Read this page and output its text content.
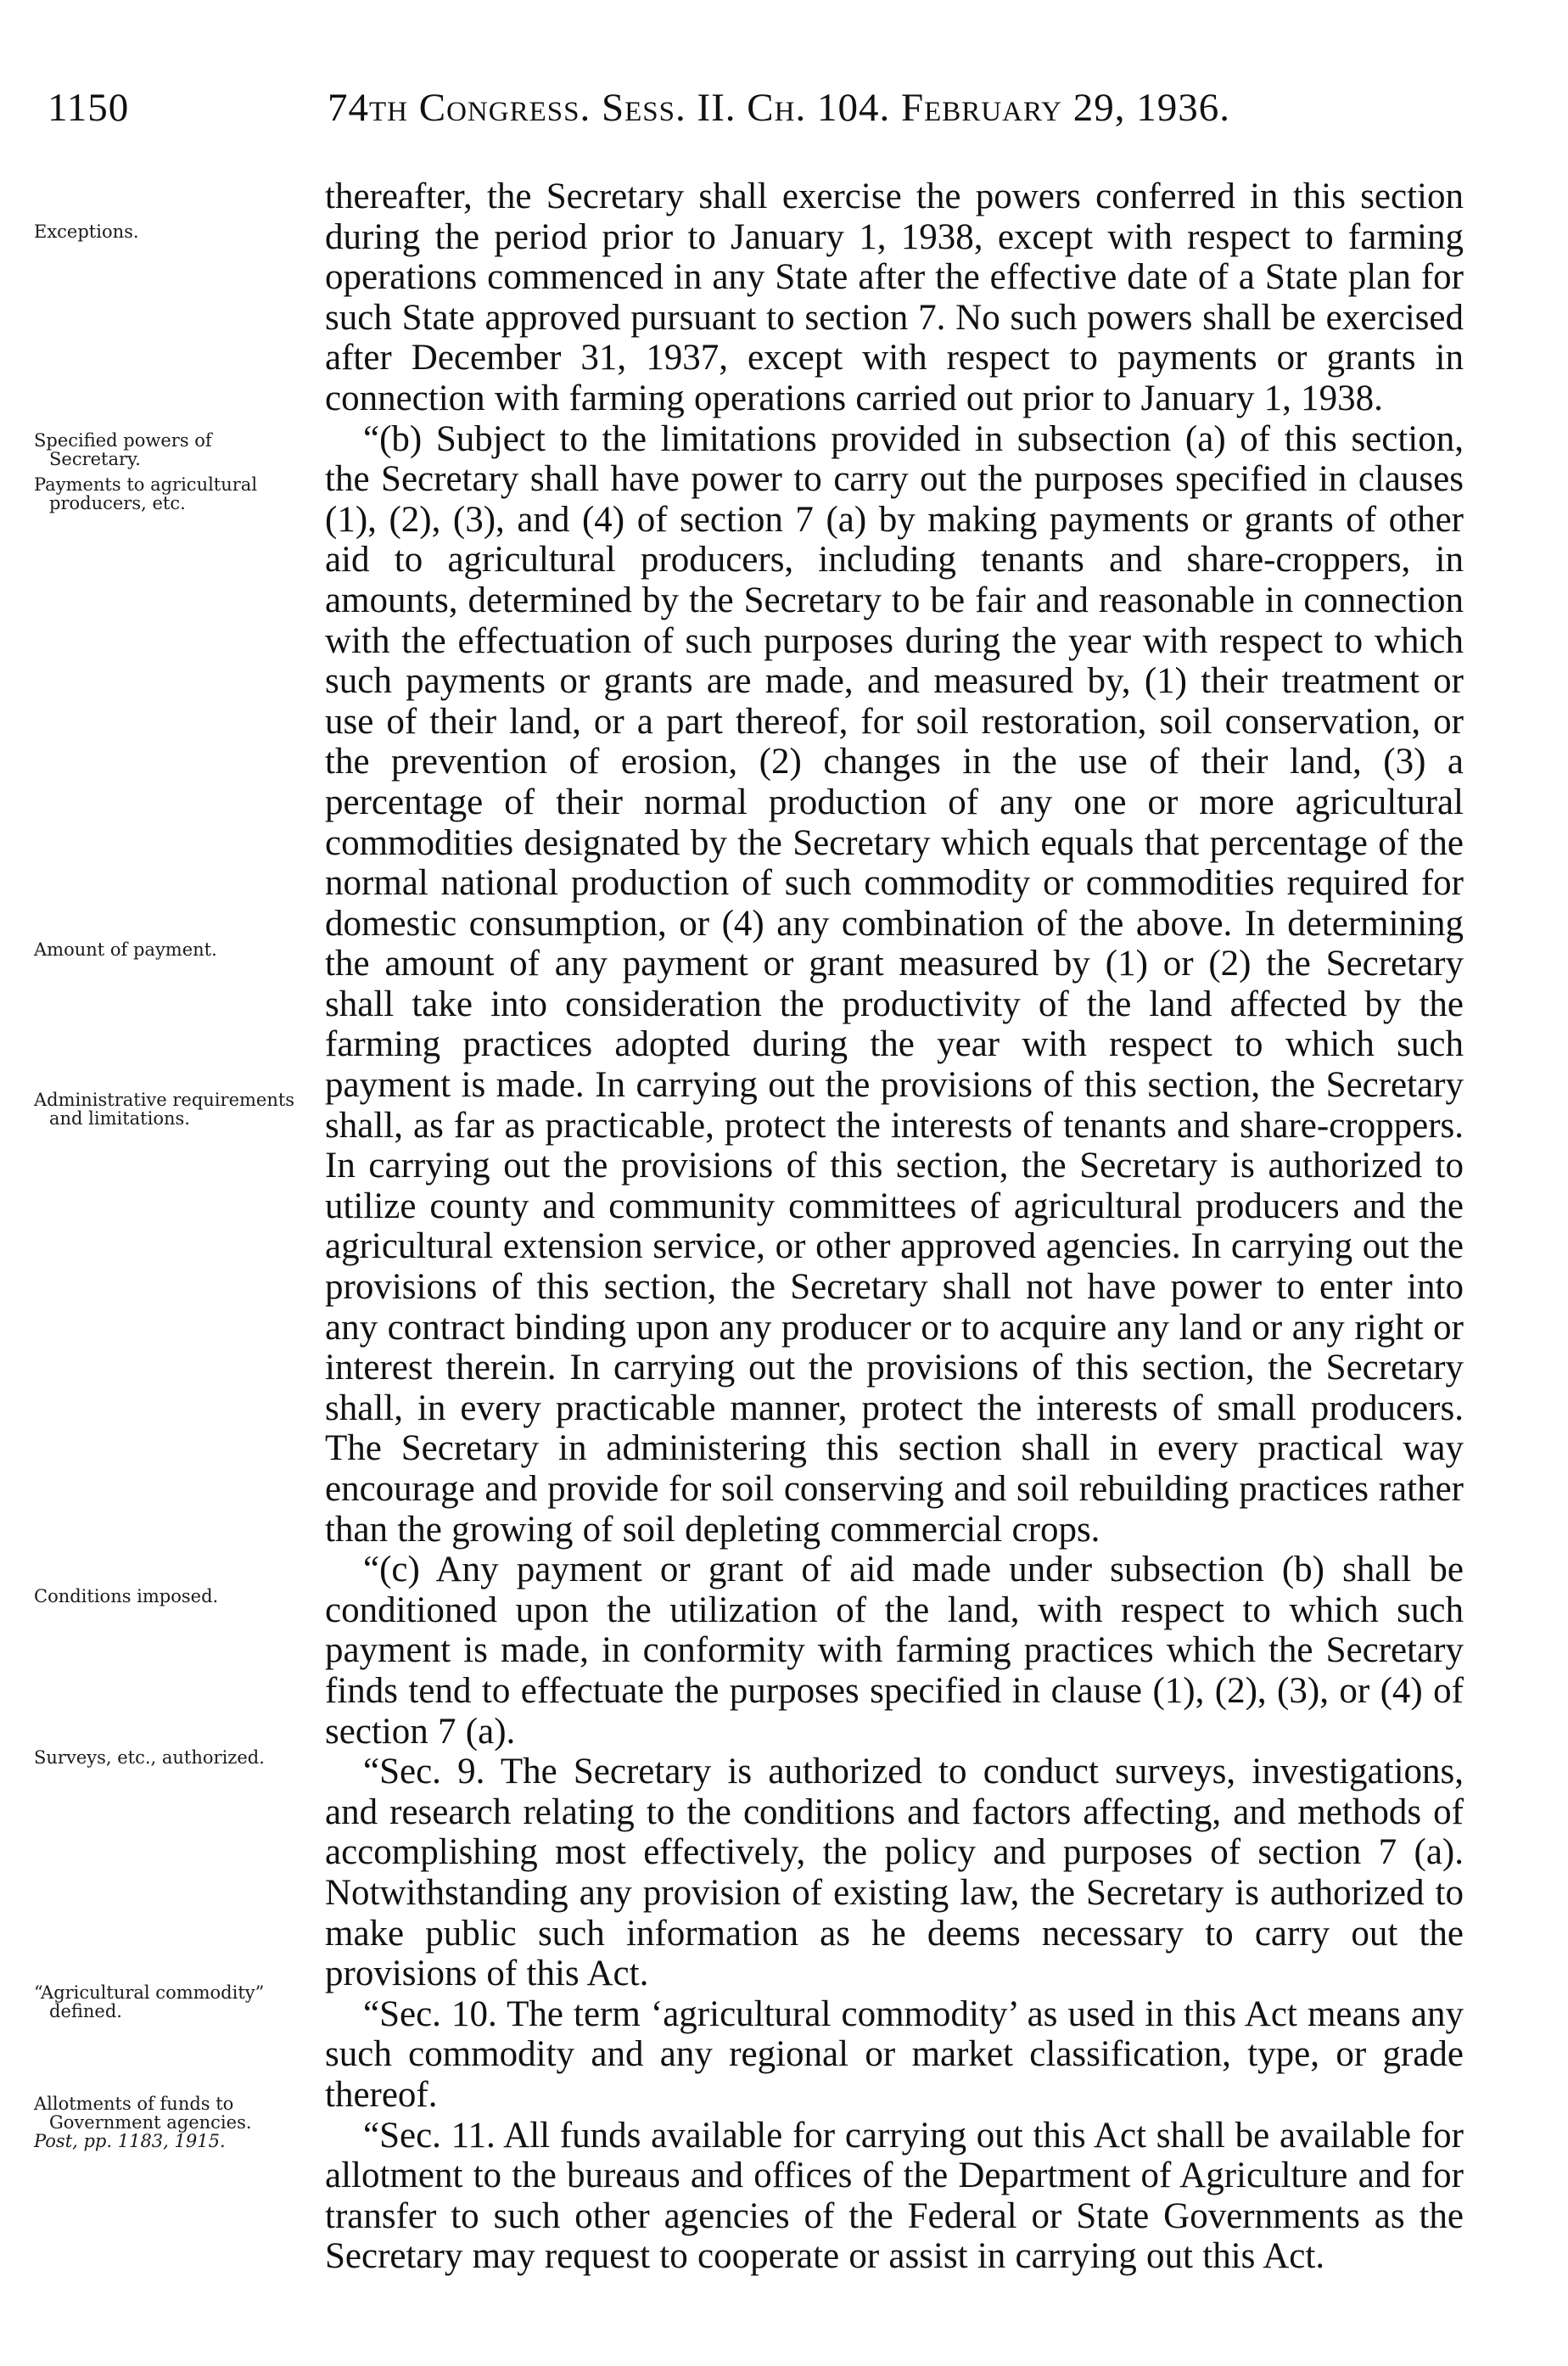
1150	74th Congress. Sess. II. Ch. 104. February 29, 1936.
Exceptions.
Specified powers of Secretary.
Payments to agricultural producers, etc.
Amount of payment.
Administrative requirements and limitations.
Conditions imposed.
Surveys, etc., authorized.
“Agricultural commodity” defined.
Allotments of funds to Government agencies.
Post, pp. 1183, 1915.

thereafter, the Secretary shall exercise the powers conferred in this section during the period prior to January 1, 1938, except with respect to farming operations commenced in any State after the effective date of a State plan for such State approved pursuant to section 7. No such powers shall be exercised after December 31, 1937, except with respect to payments or grants in connection with farming operations carried out prior to January 1, 1938.

“(b) Subject to the limitations provided in subsection (a) of this section, the Secretary shall have power to carry out the purposes specified in clauses (1), (2), (3), and (4) of section 7 (a) by making payments or grants of other aid to agricultural producers, including tenants and share-croppers, in amounts, determined by the Secretary to be fair and reasonable in connection with the effectuation of such purposes during the year with respect to which such payments or grants are made, and measured by, (1) their treatment or use of their land, or a part thereof, for soil restoration, soil conservation, or the prevention of erosion, (2) changes in the use of their land, (3) a percentage of their normal production of any one or more agricultural commodities designated by the Secretary which equals that percentage of the normal national production of such commodity or commodities required for domestic consumption, or (4) any combination of the above. In determining the amount of any payment or grant measured by (1) or (2) the Secretary shall take into consideration the productivity of the land affected by the farming practices adopted during the year with respect to which such payment is made. In carrying out the provisions of this section, the Secretary shall, as far as practicable, protect the interests of tenants and share-croppers. In carrying out the provisions of this section, the Secretary is authorized to utilize county and community committees of agricultural producers and the agricultural extension service, or other approved agencies. In carrying out the provisions of this section, the Secretary shall not have power to enter into any contract binding upon any producer or to acquire any land or any right or interest therein. In carrying out the provisions of this section, the Secretary shall, in every practicable manner, protect the interests of small producers. The Secretary in administering this section shall in every practical way encourage and provide for soil conserving and soil rebuilding practices rather than the growing of soil depleting commercial crops.

“(c) Any payment or grant of aid made under subsection (b) shall be conditioned upon the utilization of the land, with respect to which such payment is made, in conformity with farming practices which the Secretary finds tend to effectuate the purposes specified in clause (1), (2), (3), or (4) of section 7 (a).

“Sec. 9. The Secretary is authorized to conduct surveys, investigations, and research relating to the conditions and factors affecting, and methods of accomplishing most effectively, the policy and purposes of section 7 (a). Notwithstanding any provision of existing law, the Secretary is authorized to make public such information as he deems necessary to carry out the provisions of this Act.

“Sec. 10. The term ‘agricultural commodity’ as used in this Act means any such commodity and any regional or market classification, type, or grade thereof.

“Sec. 11. All funds available for carrying out this Act shall be available for allotment to the bureaus and offices of the Department of Agriculture and for transfer to such other agencies of the Federal or State Governments as the Secretary may request to cooperate or assist in carrying out this Act.
